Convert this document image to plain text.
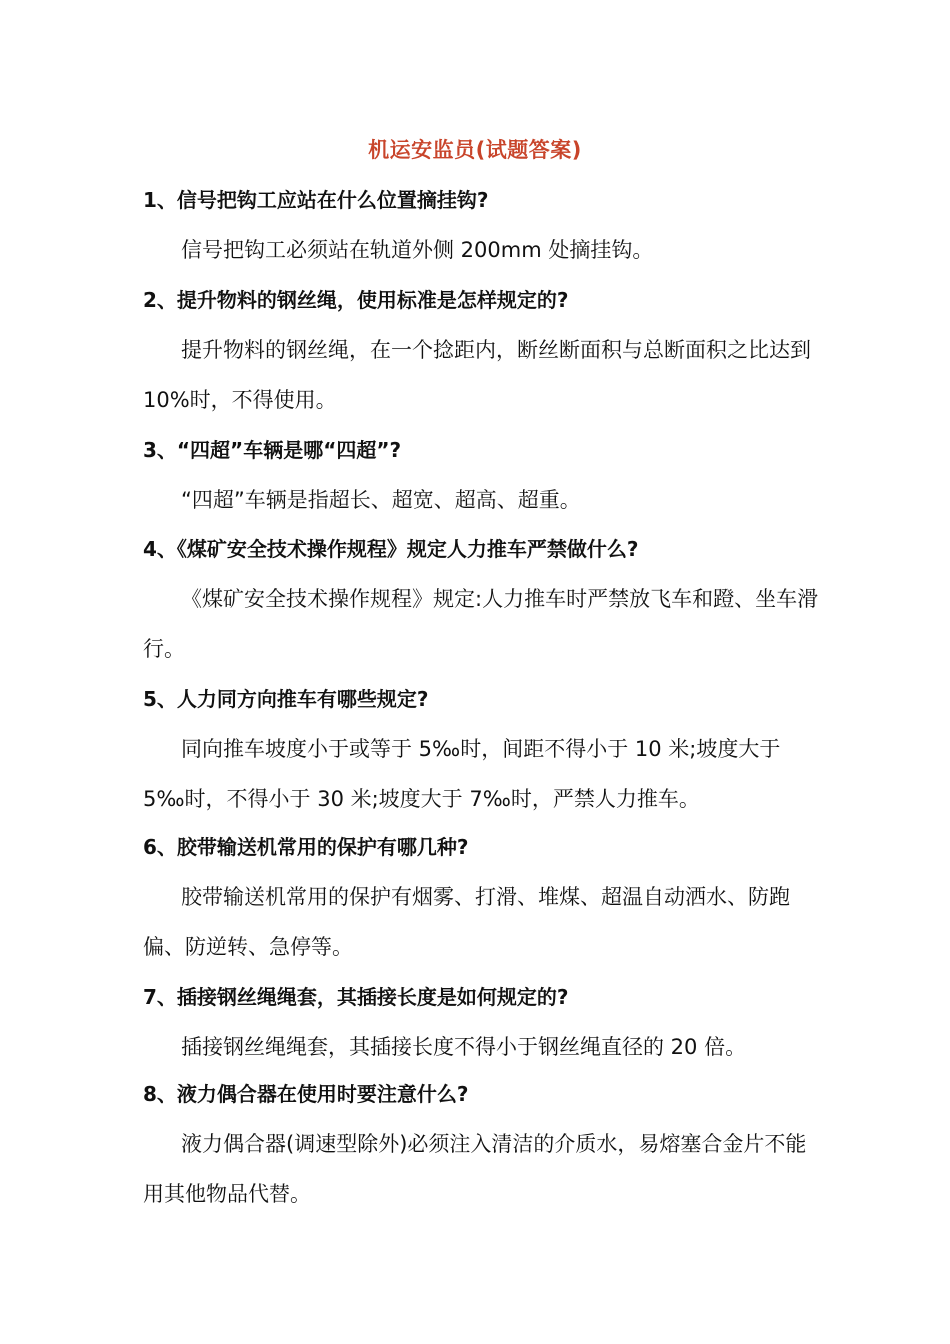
机运安监员(试题答案)

1、信号把钩工应站在什么位置摘挂钩?

信号把钩工必须站在轨道外侧 200mm 处摘挂钩。

2、提升物料的钢丝绳，使用标准是怎样规定的?

提升物料的钢丝绳，在一个捻距内，断丝断面积与总断面积之比达到 10%时，不得使用。

3、“四超”车辆是哪“四超”?

“四超”车辆是指超长、超宽、超高、超重。

4、《煤矿安全技术操作规程》规定人力推车严禁做什么?

《煤矿安全技术操作规程》规定:人力推车时严禁放飞车和蹬、坐车滑行。

5、人力同方向推车有哪些规定?

同向推车坡度小于或等于 5‰时，间距不得小于 10 米;坡度大于 5‰时，不得小于 30 米;坡度大于 7‰时，严禁人力推车。

6、胶带输送机常用的保护有哪几种?

胶带输送机常用的保护有烟雾、打滑、堆煤、超温自动洒水、防跑偏、防逆转、急停等。

7、插接钢丝绳绳套，其插接长度是如何规定的?

插接钢丝绳绳套，其插接长度不得小于钢丝绳直径的 20 倍。

8、液力偶合器在使用时要注意什么?

液力偶合器(调速型除外)必须注入清洁的介质水，易熔塞合金片不能用其他物品代替。
